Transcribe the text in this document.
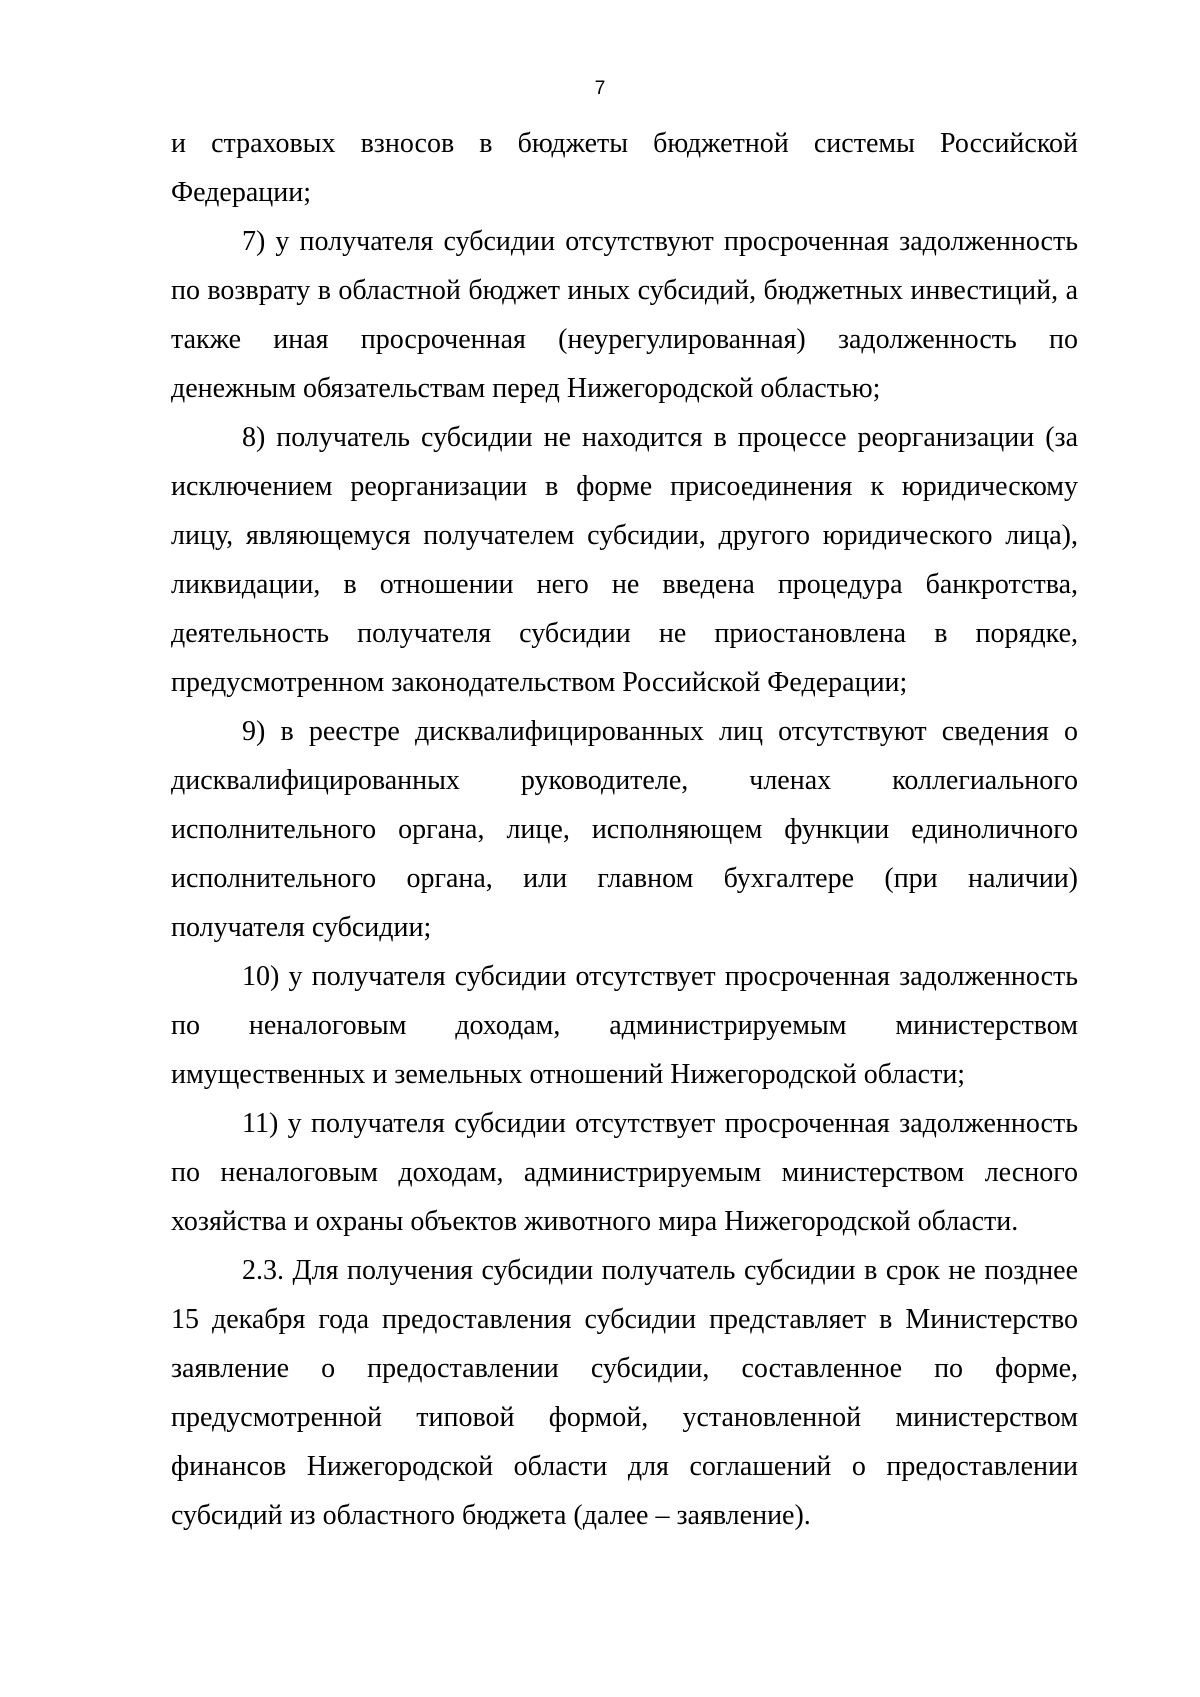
7

и страховых взносов в бюджеты бюджетной системы Российской Федерации;

7) у получателя субсидии отсутствуют просроченная задолженность по возврату в областной бюджет иных субсидий, бюджетных инвестиций, а также иная просроченная (неурегулированная) задолженность по денежным обязательствам перед Нижегородской областью;

8) получатель субсидии не находится в процессе реорганизации (за исключением реорганизации в форме присоединения к юридическому лицу, являющемуся получателем субсидии, другого юридического лица), ликвидации, в отношении него не введена процедура банкротства, деятельность получателя субсидии не приостановлена в порядке, предусмотренном законодательством Российской Федерации;

9) в реестре дисквалифицированных лиц отсутствуют сведения о дисквалифицированных руководителе, членах коллегиального исполнительного органа, лице, исполняющем функции единоличного исполнительного органа, или главном бухгалтере (при наличии) получателя субсидии;

10) у получателя субсидии отсутствует просроченная задолженность по неналоговым доходам, администрируемым министерством имущественных и земельных отношений Нижегородской области;

11) у получателя субсидии отсутствует просроченная задолженность по неналоговым доходам, администрируемым министерством лесного хозяйства и охраны объектов животного мира Нижегородской области.

2.3. Для получения субсидии получатель субсидии в срок не позднее 15 декабря года предоставления субсидии представляет в Министерство заявление о предоставлении субсидии, составленное по форме, предусмотренной типовой формой, установленной министерством финансов Нижегородской области для соглашений о предоставлении субсидий из областного бюджета (далее – заявление).
